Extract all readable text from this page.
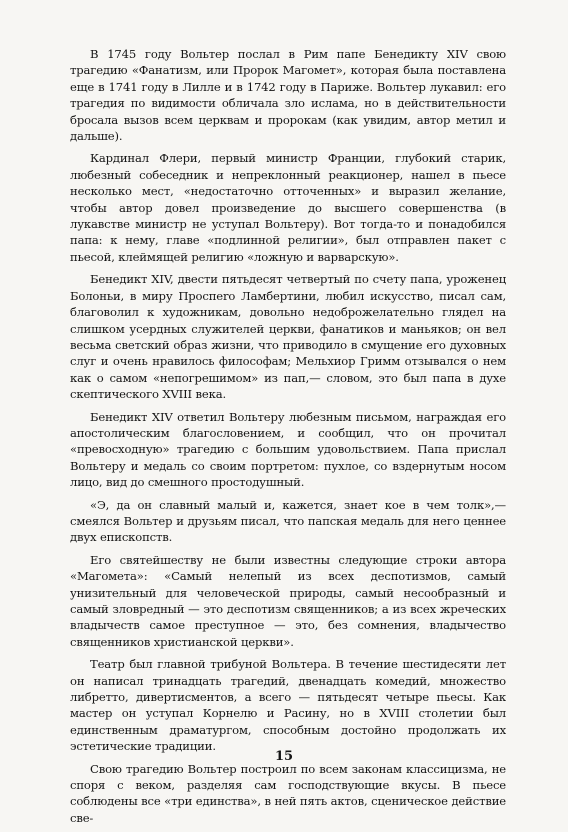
В 1745 году Вольтер послал в Рим папе Бенедикту XIV свою трагедию «Фанатизм, или Пророк Магомет», которая была поставлена еще в 1741 году в Лилле и в 1742 году в Париже. Вольтер лукавил: его трагедия по видимости обличала зло ислама, но в действительности бросала вызов всем церквам и пророкам (как увидим, автор метил и дальше).

Кардинал Флери, первый министр Франции, глубокий старик, любезный собеседник и непреклонный реакционер, нашел в пьесе несколько мест, «недостаточно отточенных» и выразил желание, чтобы автор довел произведение до высшего совершенства (в лукавстве министр не уступал Вольтеру). Вот тогда-то и понадобился папа: к нему, главе «подлинной религии», был отправлен пакет с пьесой, клеймящей религию «ложную и варварскую».

Бенедикт XIV, двести пятьдесят четвертый по счету папа, уроженец Болоньи, в миру Проспero Ламбертини, любил искусство, писал сам, благоволил к художникам, довольно недоброжелательно глядел на слишком усердных служителей церкви, фанатиков и маньяков; он вел весьма светский образ жизни, что приводило в смущение его духовных слуг и очень нравилось философам; Мельхиор Гримм отзывался о нем как о самом «непогрешимом» из пап,— словом, это был папа в духе скептического XVIII века.

Бенедикт XIV ответил Вольтеру любезным письмом, награждая его апостолическим благословением, и сообщил, что он прочитал «превосходную» трагедию с большим удовольствием. Папа прислал Вольтеру и медаль со своим портретом: пухлое, со вздернутым носом лицо, вид до смешного простодушный.

«Э, да он славный малый и, кажется, знает кое в чем толк»,— смеялся Вольтер и друзьям писал, что папская медаль для него ценнее двух епископств.

Его святейшеству не были известны следующие строки автора «Магомета»: «Самый нелепый из всех деспотизмов, самый унизительный для человеческой природы, самый несообразный и самый зловредный — это деспотизм священников; а из всех жреческих владычеств самое преступное — это, без сомнения, владычество священников христианской церкви».

Театр был главной трибуной Вольтера. В течение шестидесяти лет он написал тринадцать трагедий, двенадцать комедий, множество либретто, дивертисментов, а всего — пятьдесят четыре пьесы. Как мастер он уступал Корнелю и Расину, но в XVIII столетии был единственным драматургом, способным достойно продолжать их эстетические традиции.

Свою трагедию Вольтер построил по всем законам классицизма, не споря с веком, разделяя сам господствующие вкусы. В пьесе соблюдены все «три единства», в ней пять актов, сценическое действие све-

15
